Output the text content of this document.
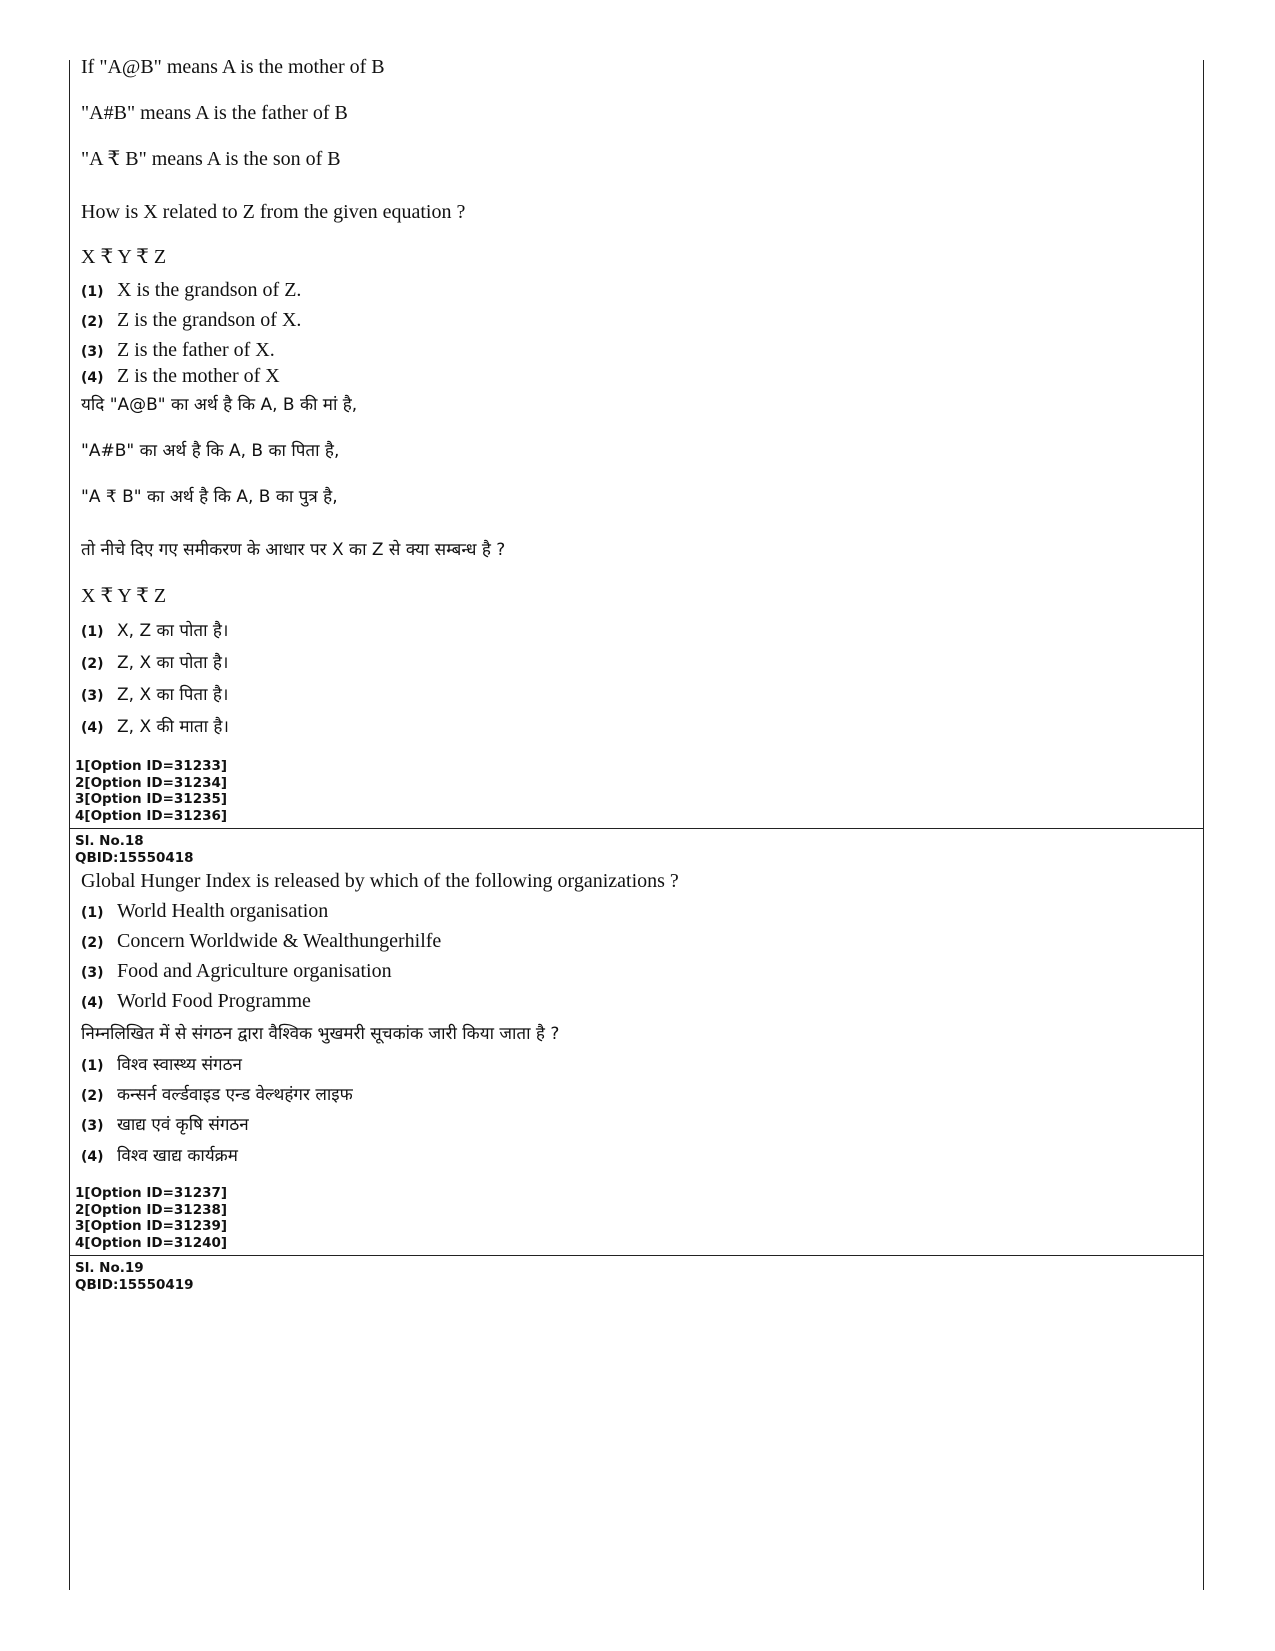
If "A@B" means A is the mother of B
"A#B" means A is the father of B
"A ₹ B" means A is the son of B
How is X related to Z from the given equation ?
X ₹ Y ₹ Z
(1) X is the grandson of Z.
(2) Z is the grandson of X.
(3) Z is the father of X.
(4) Z is the mother of X
यदि "A@B" का अर्थ है कि A, B की मां है,
"A#B" का अर्थ है कि A, B का पिता है,
"A ₹ B" का अर्थ है कि A, B का पुत्र है,
तो नीचे दिए गए समीकरण के आधार पर X का Z से क्या सम्बन्ध है ?
X ₹ Y ₹ Z
(1) X, Z का पोता है।
(2) Z, X का पोता है।
(3) Z, X का पिता है।
(4) Z, X की माता है।
1[Option ID=31233]
2[Option ID=31234]
3[Option ID=31235]
4[Option ID=31236]
Sl. No.18
QBID:15550418
Global Hunger Index is released by which of the following organizations ?
(1) World Health organisation
(2) Concern Worldwide & Wealthungerhilfe
(3) Food and Agriculture organisation
(4) World Food Programme
निम्नलिखित में से संगठन द्वारा वैश्विक भुखमरी सूचकांक जारी किया जाता है ?
(1) विश्व स्वास्थ्य संगठन
(2) कन्सर्न वर्ल्डवाइड एन्ड वेल्थहंगर लाइफ
(3) खाद्य एवं कृषि संगठन
(4) विश्व खाद्य कार्यक्रम
1[Option ID=31237]
2[Option ID=31238]
3[Option ID=31239]
4[Option ID=31240]
Sl. No.19
QBID:15550419
